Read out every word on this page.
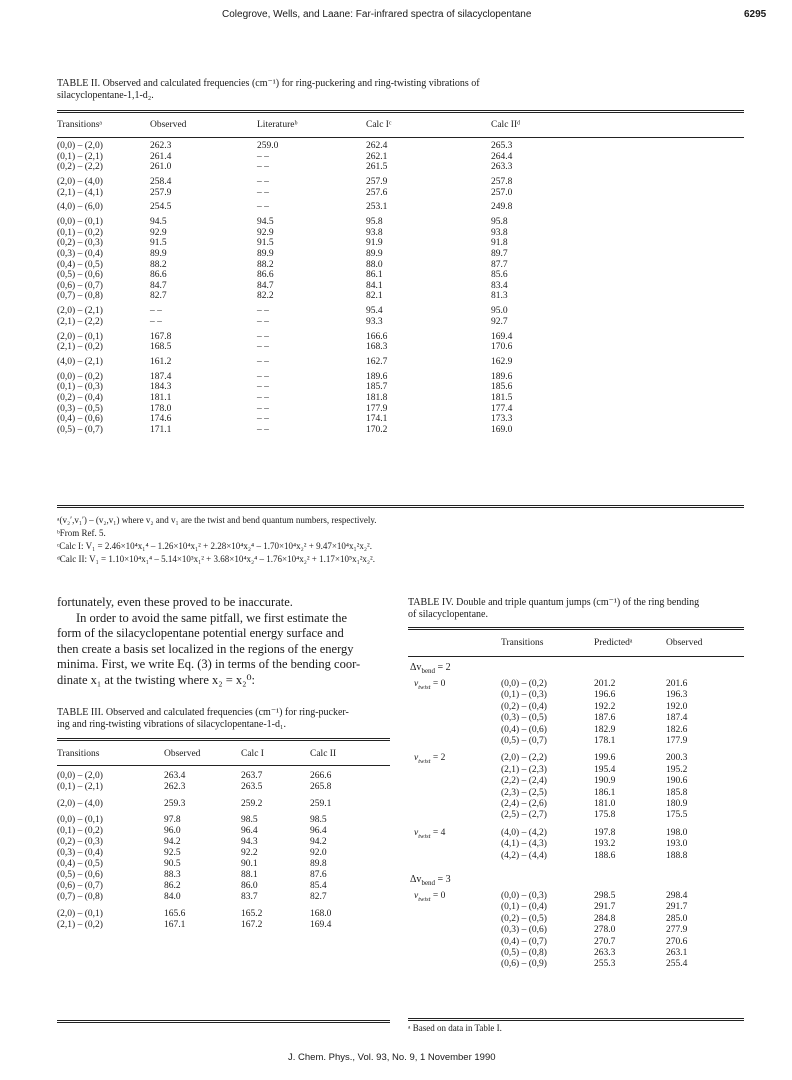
Colegrove, Wells, and Laane: Far-infrared spectra of silacyclopentane	6295
TABLE II. Observed and calculated frequencies (cm⁻¹) for ring-puckering and ring-twisting vibrations of
silacyclopentane-1,1-d₂.
Transitionsᵃ	Observed	Literatureᵇ	Calc Iᶜ	Calc IIᵈ
(0,0) – (2,0)	262.3	259.0	262.4	265.3
(0,1) – (2,1)	261.4	– –	262.1	264.4
(0,2) – (2,2)	261.0	– –	261.5	263.3
(2,0) – (4,0)	258.4	– –	257.9	257.8
(2,1) – (4,1)	257.9	– –	257.6	257.0
(4,0) – (6,0)	254.5	– –	253.1	249.8
(0,0) – (0,1)	94.5	94.5	95.8	95.8
(0,1) – (0,2)	92.9	92.9	93.8	93.8
(0,2) – (0,3)	91.5	91.5	91.9	91.8
(0,3) – (0,4)	89.9	89.9	89.9	89.7
(0,4) – (0,5)	88.2	88.2	88.0	87.7
(0,5) – (0,6)	86.6	86.6	86.1	85.6
(0,6) – (0,7)	84.7	84.7	84.1	83.4
(0,7) – (0,8)	82.7	82.2	82.1	81.3
(2,0) – (2,1)	– –	– –	95.4	95.0
(2,1) – (2,2)	– –	– –	93.3	92.7
(2,0) – (0,1)	167.8	– –	166.6	169.4
(2,1) – (0,2)	168.5	– –	168.3	170.6
(4,0) – (2,1)	161.2	– –	162.7	162.9
(0,0) – (0,2)	187.4	– –	189.6	189.6
(0,1) – (0,3)	184.3	– –	185.7	185.6
(0,2) – (0,4)	181.1	– –	181.8	181.5
(0,3) – (0,5)	178.0	– –	177.9	177.4
(0,4) – (0,6)	174.6	– –	174.1	173.3
(0,5) – (0,7)	171.1	– –	170.2	169.0
ᵃ(v₂′,v₁′) – (v₂,v₁) where v₂ and v₁ are the twist and bend quantum numbers, respectively.
ᵇFrom Ref. 5.
ᶜCalc I: V₁ = 2.46×10⁴x₁⁴ – 1.26×10⁴x₁² + 2.28×10⁴x₂⁴ – 1.70×10⁴x₂² + 9.47×10⁴x₁²x₂².
ᵈCalc II: V₁ = 1.10×10⁴x₁⁴ – 5.14×10³x₁² + 3.68×10⁴x₂⁴ – 1.76×10⁴x₂² + 1.17×10⁵x₁²x₂².
fortunately, even these proved to be inaccurate.
In order to avoid the same pitfall, we first estimate the
form of the silacyclopentane potential energy surface and
then create a basis set localized in the regions of the energy
minima. First, we write Eq. (3) in terms of the bending coor-
dinate x₁ at the twisting where x₂ = x₂⁰:
TABLE III. Observed and calculated frequencies (cm⁻¹) for ring-pucker-
ing and ring-twisting vibrations of silacyclopentane-1-d₁.
Transitions	Observed	Calc I	Calc II
(0,0) – (2,0)	263.4	263.7	266.6
(0,1) – (2,1)	262.3	263.5	265.8
(2,0) – (4,0)	259.3	259.2	259.1
(0,0) – (0,1)	97.8	98.5	98.5
(0,1) – (0,2)	96.0	96.4	96.4
(0,2) – (0,3)	94.2	94.3	94.2
(0,3) – (0,4)	92.5	92.2	92.0
(0,4) – (0,5)	90.5	90.1	89.8
(0,5) – (0,6)	88.3	88.1	87.6
(0,6) – (0,7)	86.2	86.0	85.4
(0,7) – (0,8)	84.0	83.7	82.7
(2,0) – (0,1)	165.6	165.2	168.0
(2,1) – (0,2)	167.1	167.2	169.4
TABLE IV. Double and triple quantum jumps (cm⁻¹) of the ring bending
of silacyclopentane.
Transitions	Predictedᵃ	Observed
$\Delta v_{bend} = 2$
$v_{twist} = 0$	(0,0) – (0,2)	201.2	201.6
(0,1) – (0,3)	196.6	196.3
(0,2) – (0,4)	192.2	192.0
(0,3) – (0,5)	187.6	187.4
(0,4) – (0,6)	182.9	182.6
(0,5) – (0,7)	178.1	177.9
$v_{twist} = 2$	(2,0) – (2,2)	199.6	200.3
(2,1) – (2,3)	195.4	195.2
(2,2) – (2,4)	190.9	190.6
(2,3) – (2,5)	186.1	185.8
(2,4) – (2,6)	181.0	180.9
(2,5) – (2,7)	175.8	175.5
$v_{twist} = 4$	(4,0) – (4,2)	197.8	198.0
(4,1) – (4,3)	193.2	193.0
(4,2) – (4,4)	188.6	188.8
$\Delta v_{bend} = 3$
$v_{twist} = 0$	(0,0) – (0,3)	298.5	298.4
(0,1) – (0,4)	291.7	291.7
(0,2) – (0,5)	284.8	285.0
(0,3) – (0,6)	278.0	277.9
(0,4) – (0,7)	270.7	270.6
(0,5) – (0,8)	263.3	263.1
(0,6) – (0,9)	255.3	255.4
ᵃ Based on data in Table I.
J. Chem. Phys., Vol. 93, No. 9, 1 November 1990
